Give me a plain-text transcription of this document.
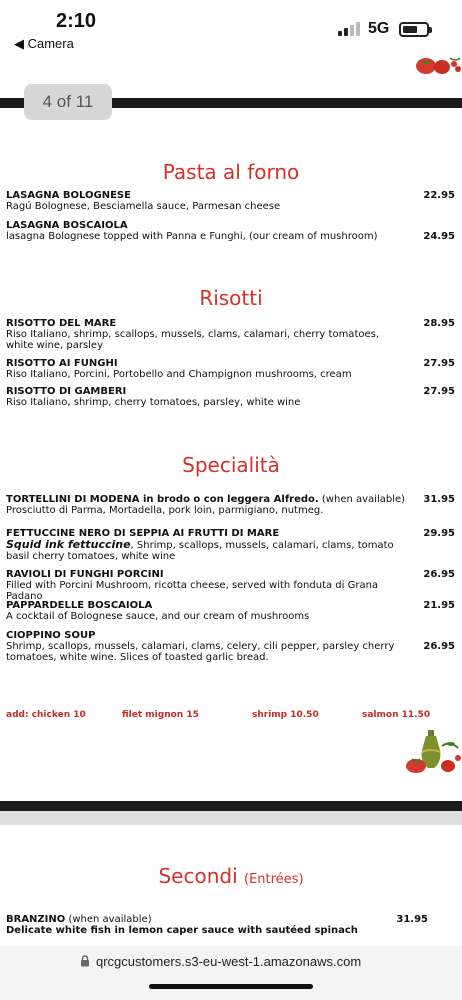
2:10
◀ Camera
5G
4 of 11
Pasta al forno
LASAGNA BOLOGNESE
Ragú Bolognese, Besciamella sauce, Parmesan cheese
22.95
LASAGNA BOSCAIOLA
lasagna Bolognese topped with Panna e Funghi, (our cream of mushroom)	24.95
Risotti
RISOTTO DEL MARE
Riso Italiano, shrimp, scallops, mussels, clams, calamari, cherry tomatoes, white wine, parsley
28.95
RISOTTO AI FUNGHI
Riso Italiano, Porcini, Portobello and Champignon mushrooms, cream
27.95
RISOTTO DI GAMBERI
Riso Italiano, shrimp, cherry tomatoes, parsley, white wine
27.95
Specialità
TORTELLINI DI MODENA in brodo o con leggera Alfredo. (when available)
Prosciutto di Parma, Mortadella, pork loin, parmigiano, nutmeg.
31.95
FETTUCCINE NERO DI SEPPIA AI FRUTTI DI MARE
Squid ink fettuccine, Shrimp, scallops, mussels, calamari, clams, tomato basil cherry tomatoes, white wine
29.95
RAVIOLI DI FUNGHI PORCINI
Filled with Porcini Mushroom, ricotta cheese, served with fonduta di Grana Padano
26.95
PAPPARDELLE BOSCAIOLA
A cocktail of Bolognese sauce, and our cream of mushrooms
21.95
CIOPPINO SOUP
Shrimp, scallops, mussels, calamari, clams, celery, cili pepper, parsley cherry tomatoes, white wine. Slices of toasted garlic bread.
26.95
add: chicken 10	filet mignon 15	shrimp 10.50	salmon 11.50
Secondi (Entrées)
BRANZINO (when available)
Delicate white fish in lemon caper sauce with sautéed spinach
31.95
qrcgcustomers.s3-eu-west-1.amazonaws.com
